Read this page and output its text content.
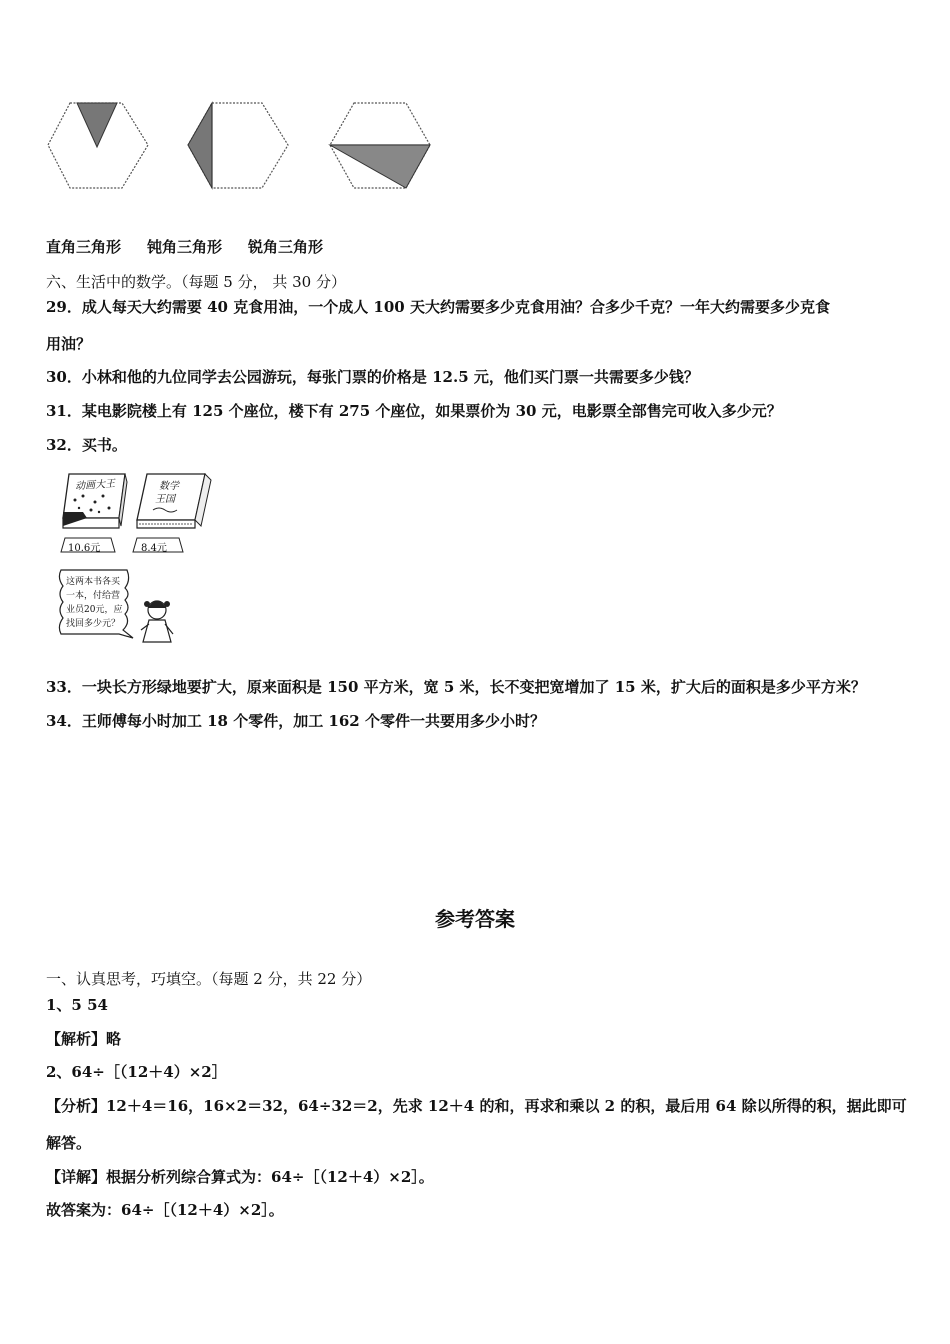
直角三角形 钝角三角形 锐角三角形
六、生活中的数学。（每题 5 分， 共 30 分）
29．成人每天大约需要 40 克食用油，一个成人 100 天大约需要多少克食用油？合多少千克？一年大约需要多少克食
用油？
30．小林和他的九位同学去公园游玩，每张门票的价格是 12.5 元，他们买门票一共需要多少钱？
31．某电影院楼上有 125 个座位，楼下有 275 个座位，如果票价为 30 元，电影票全部售完可收入多少元？
32．买书。
动画大王	数学
王国
10.6元	8.4元
这两本书各买
一本，付给营
业员20元，应
找回多少元？
33．一块长方形绿地要扩大，原来面积是 150 平方米，宽 5 米，长不变把宽增加了 15 米，扩大后的面积是多少平方米？
34．王师傅每小时加工 18 个零件，加工 162 个零件一共要用多少小时？
参考答案
一、认真思考，巧填空。（每题 2 分，共 22 分）
1、5 54
【解析】略
2、64÷［（12＋4）×2］
【分析】12＋4＝16，16×2＝32，64÷32＝2，先求 12＋4 的和，再求和乘以 2 的积，最后用 64 除以所得的积，据此即可
解答。
【详解】根据分析列综合算式为：64÷［（12＋4）×2］。
故答案为：64÷［（12＋4）×2］。
